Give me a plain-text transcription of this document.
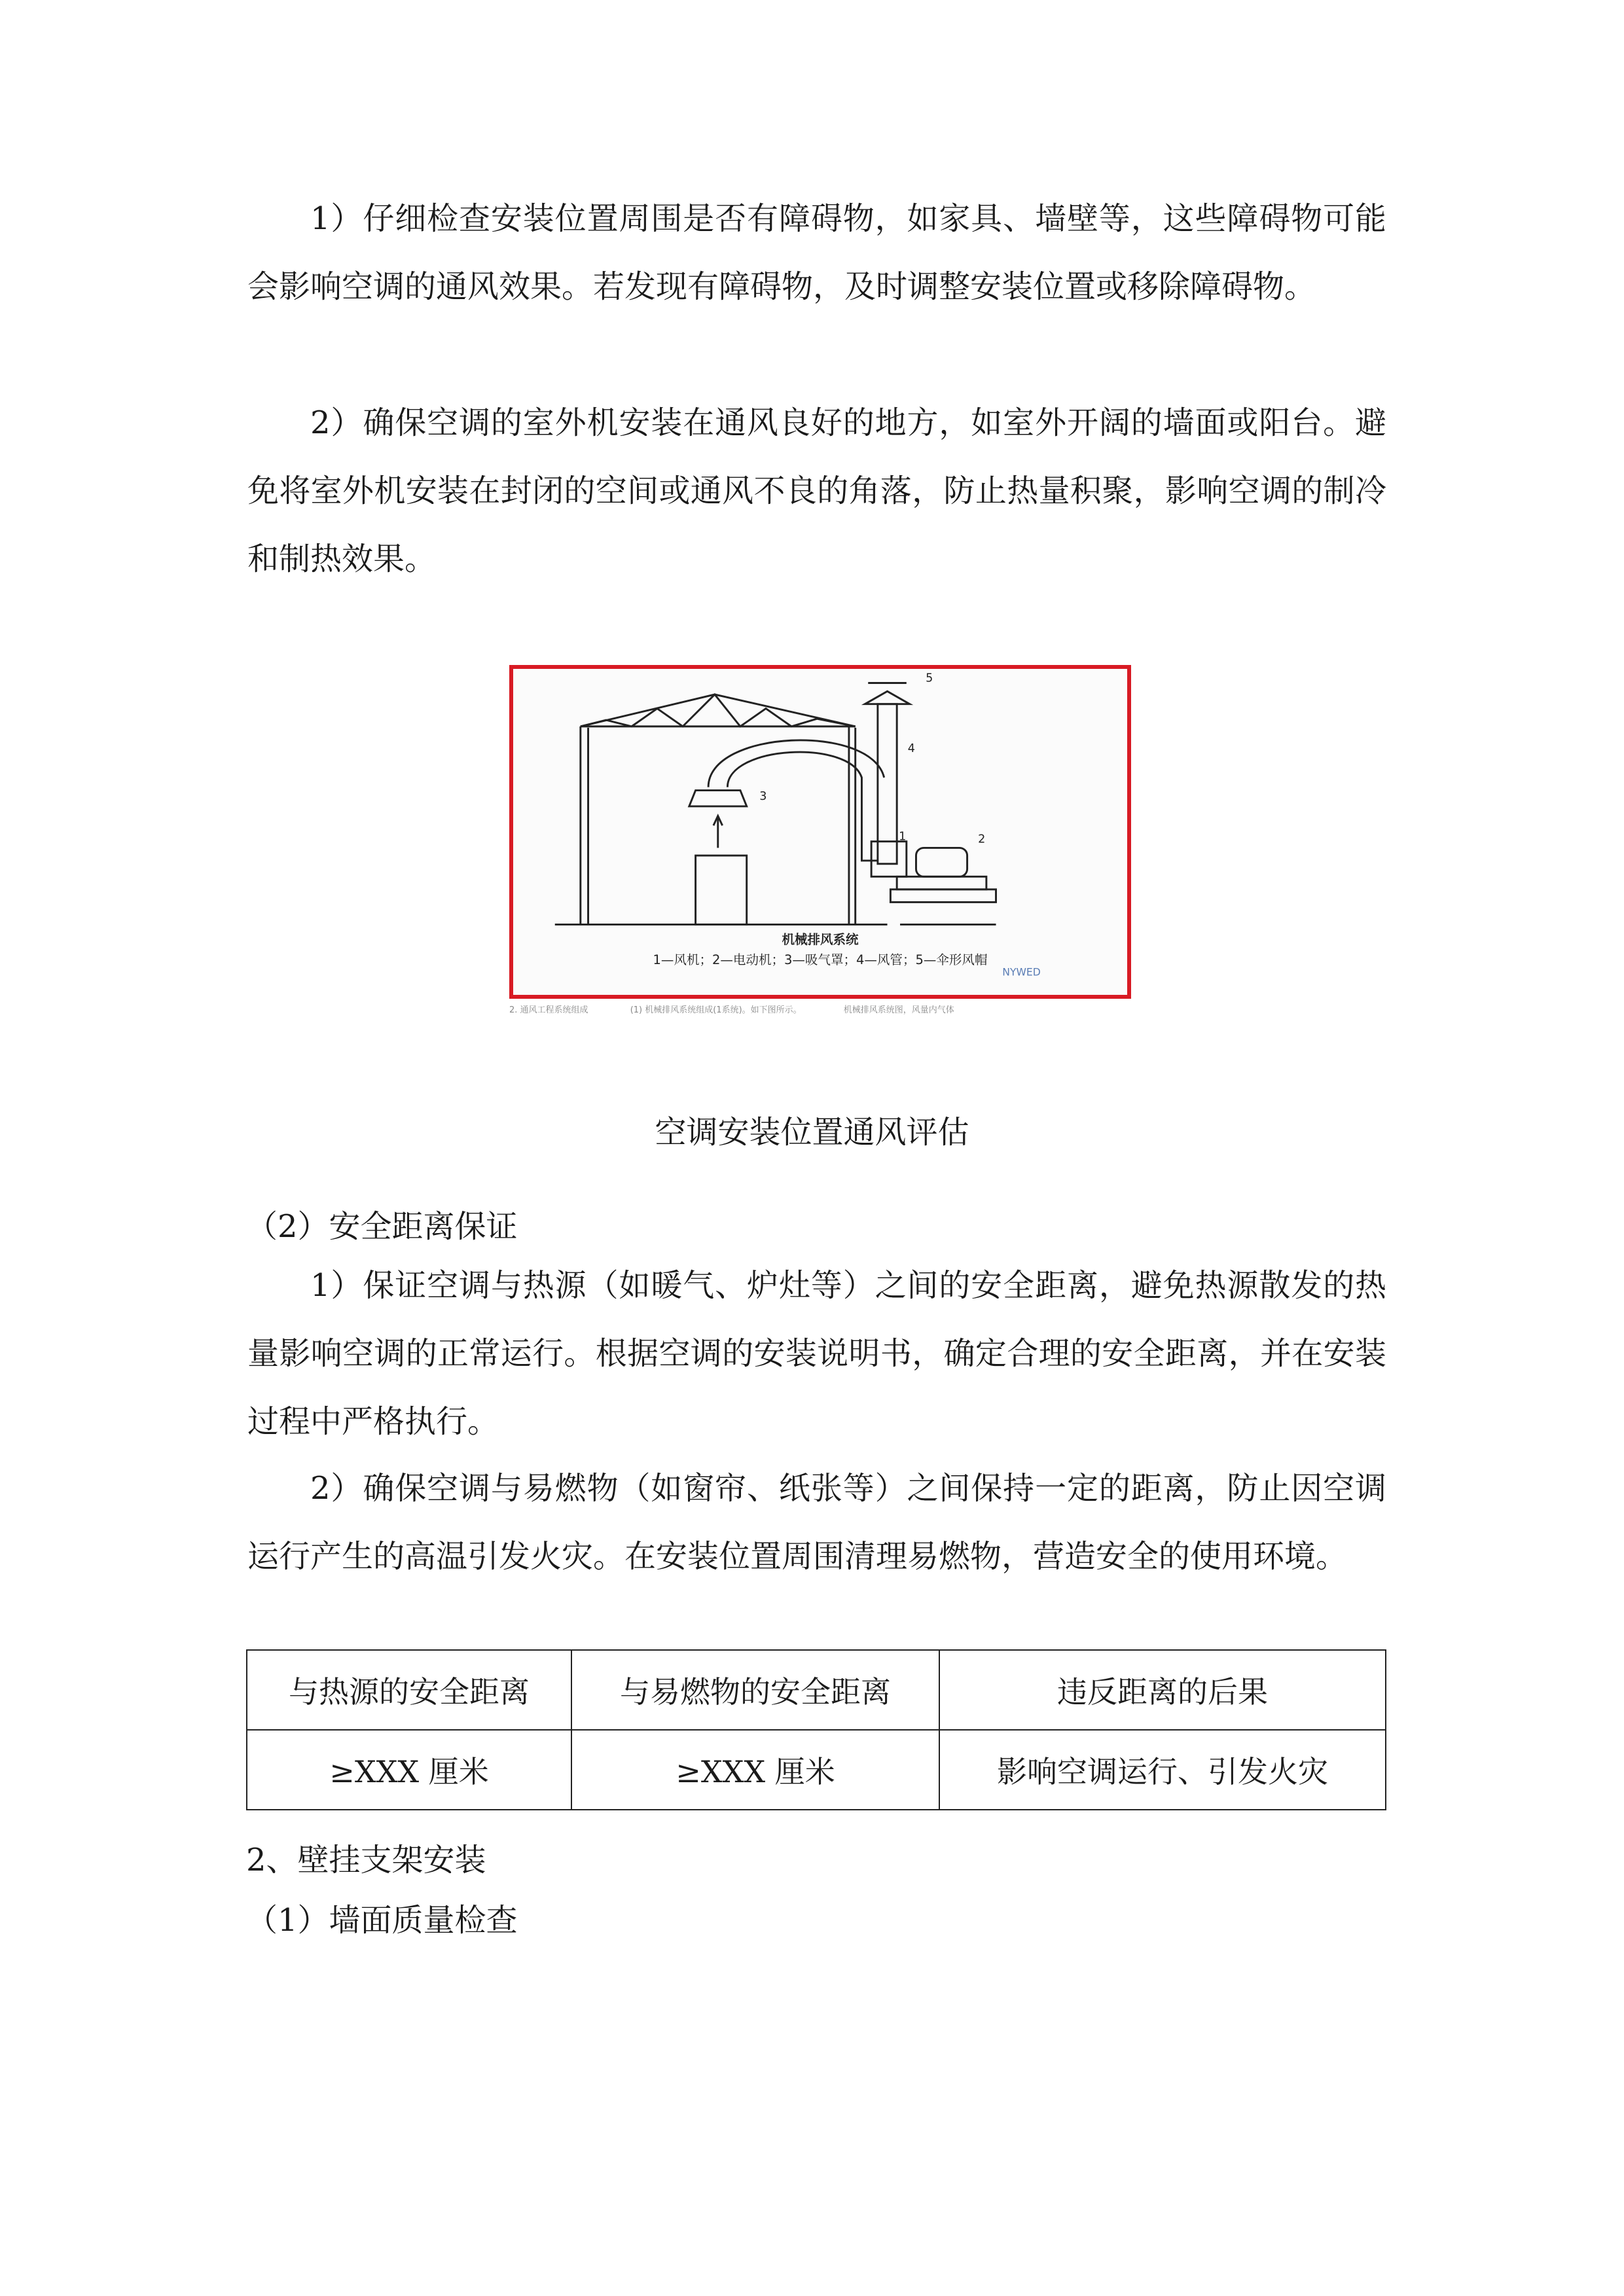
1）仔细检查安装位置周围是否有障碍物，如家具、墙壁等，这些障碍物可能会影响空调的通风效果。若发现有障碍物，及时调整安装位置或移除障碍物。

2）确保空调的室外机安装在通风良好的地方，如室外开阔的墙面或阳台。避免将室外机安装在封闭的空间或通风不良的角落，防止热量积聚，影响空调的制冷和制热效果。

1	2
3
4
5
机械排风系统
1—风机；2—电动机；3—吸气罩；4—风管；5—伞形风帽
NYWED
2. 通风工程系统组成	(1) 机械排风系统组成(1系统)。如下图所示。	机械排风系统图，风量内气体
空调安装位置通风评估

（2）安全距离保证

1）保证空调与热源（如暖气、炉灶等）之间的安全距离，避免热源散发的热量影响空调的正常运行。根据空调的安装说明书，确定合理的安全距离，并在安装过程中严格执行。

2）确保空调与易燃物（如窗帘、纸张等）之间保持一定的距离，防止因空调运行产生的高温引发火灾。在安装位置周围清理易燃物，营造安全的使用环境。

与热源的安全距离	与易燃物的安全距离	违反距离的后果
≥XXX 厘米	≥XXX 厘米	影响空调运行、引发火灾

2、壁挂支架安装

（1）墙面质量检查
